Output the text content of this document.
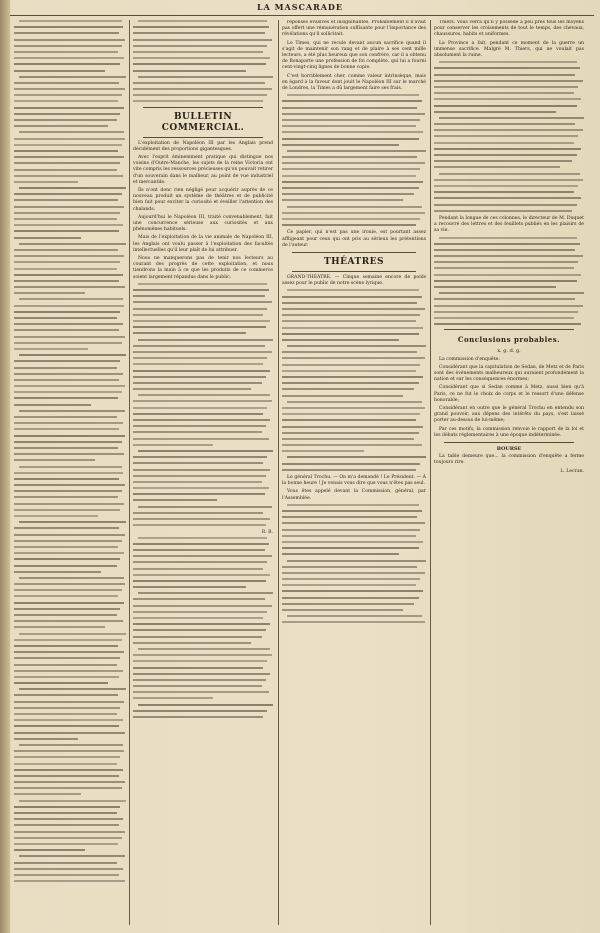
LA MASCARADE
BULLETIN COMMERCIAL.

L'exploitation de Napoléon III par les Anglais prend décidément des proportions gigantesques.

Avec l'esprit éminemment pratique qui distingue nos voisins d'Outre-Manche, les sujets de la reine Victoria ont vite compris les ressources précieuses qu'on pouvait retirer d'un souverain dans le malheur, au point de vue industriel et mercantile.

Ils n'ont donc rien négligé pour acquérir auprès de ce nouveau produit un système de théâtres et de publicité bien fait pour exciter la curiosité et éveiller l'attention des chalands.

Aujourd'hui le Napoléon III, traité convenablement, fait une concurrence sérieuse aux curiosités et aux phénomènes habituels.

Mais de l'exploitation de la vie animale de Napoléon III, les Anglais ont voulu passer à l'exploitation des facultés intellectuelles qu'il leur plaît de lui attribuer.

Nous ne manquerons pas de tenir nos lecteurs au courant des progrès de cette exploitation, et nous tiendrons la main à ce que les produits de ce commerce soient largement répandus dans le public.

R. B.

réponses évasives et insignifiantes. Probablement il n'avait pas offert une rémunération suffisante pour l'importance des révélations qu'il sollicitait.

Le Times, qui ne recule devant aucun sacrifice quand il s'agit de maintenir son rang et de plaire à ses cent mille lecteurs, a été plus heureux que son confrère, car il a obtenu de Bonaparte une profession de foi complète, qui lui a fourni cent-vingt-cinq lignes de bonne copie.

C'est horriblement cher, comme valeur intrinsèque, mais en égard à la faveur dont jouit le Napoléon III sur le marché de Londres, la Times a dû largement faire ses frais.

Ce papier, qui n'est pas une ironie, est pourtant assez affligeant pour ceux qui ont pris au sérieux les prétentions de l'auteur.

THÉATRES

GRAND-THÉATRE. — Cinque semaine encore de poids assez pour le public de notre scène lyrique.

Le général Trochu. — On m'a demandé ! Le Président. — À la bonne heure ! Je venais vous dire que vous n'êtes pas seul.

Vous êtes appelé devant la Commission, général, par l'Assemblée.

Thiers. Vous verra qu'il y possède à peu près tous les moyens pour conserver les croisements de tout le temps, des chevaux, chaussures, habits et uniformes.

La Province a fait, pendant ce moment de la guerre un immense sacrifice. Malgré M. Thiers, qui ne voulait pas absolument la ruine.

Pendant la longue de ces colonnes, le directeur de M. Duquet a recouvré des lettres et des feuillets publiés en les plaisirs de sa vie.

Conclusions probables.
x. g. d. g.

La commission d'enquête:

Considérant que la capitulation de Sedan, de Metz et de Paris sont des événements malheureux qui auraient profondément la nation et sur les conséquences énormes;

Considérant que si Sedan comme à Metz, aussi bien qu'à Paris, ce ne fut le choix de corps et le ressort d'une défense honorable;

Considérant en outre que le général Trochu en entendu son grand pouvoir, aux dépens des intérêts du pays, s'est laissé porter au-dessus de lui-même;

Par ces motifs, la commission renvoie le rapport de la loi et les débats réglementaires à une époque indéterminée.

BOURSE

La table demeure que... la commission d'enquête a ferme toujours rire.

L. Lecran.
